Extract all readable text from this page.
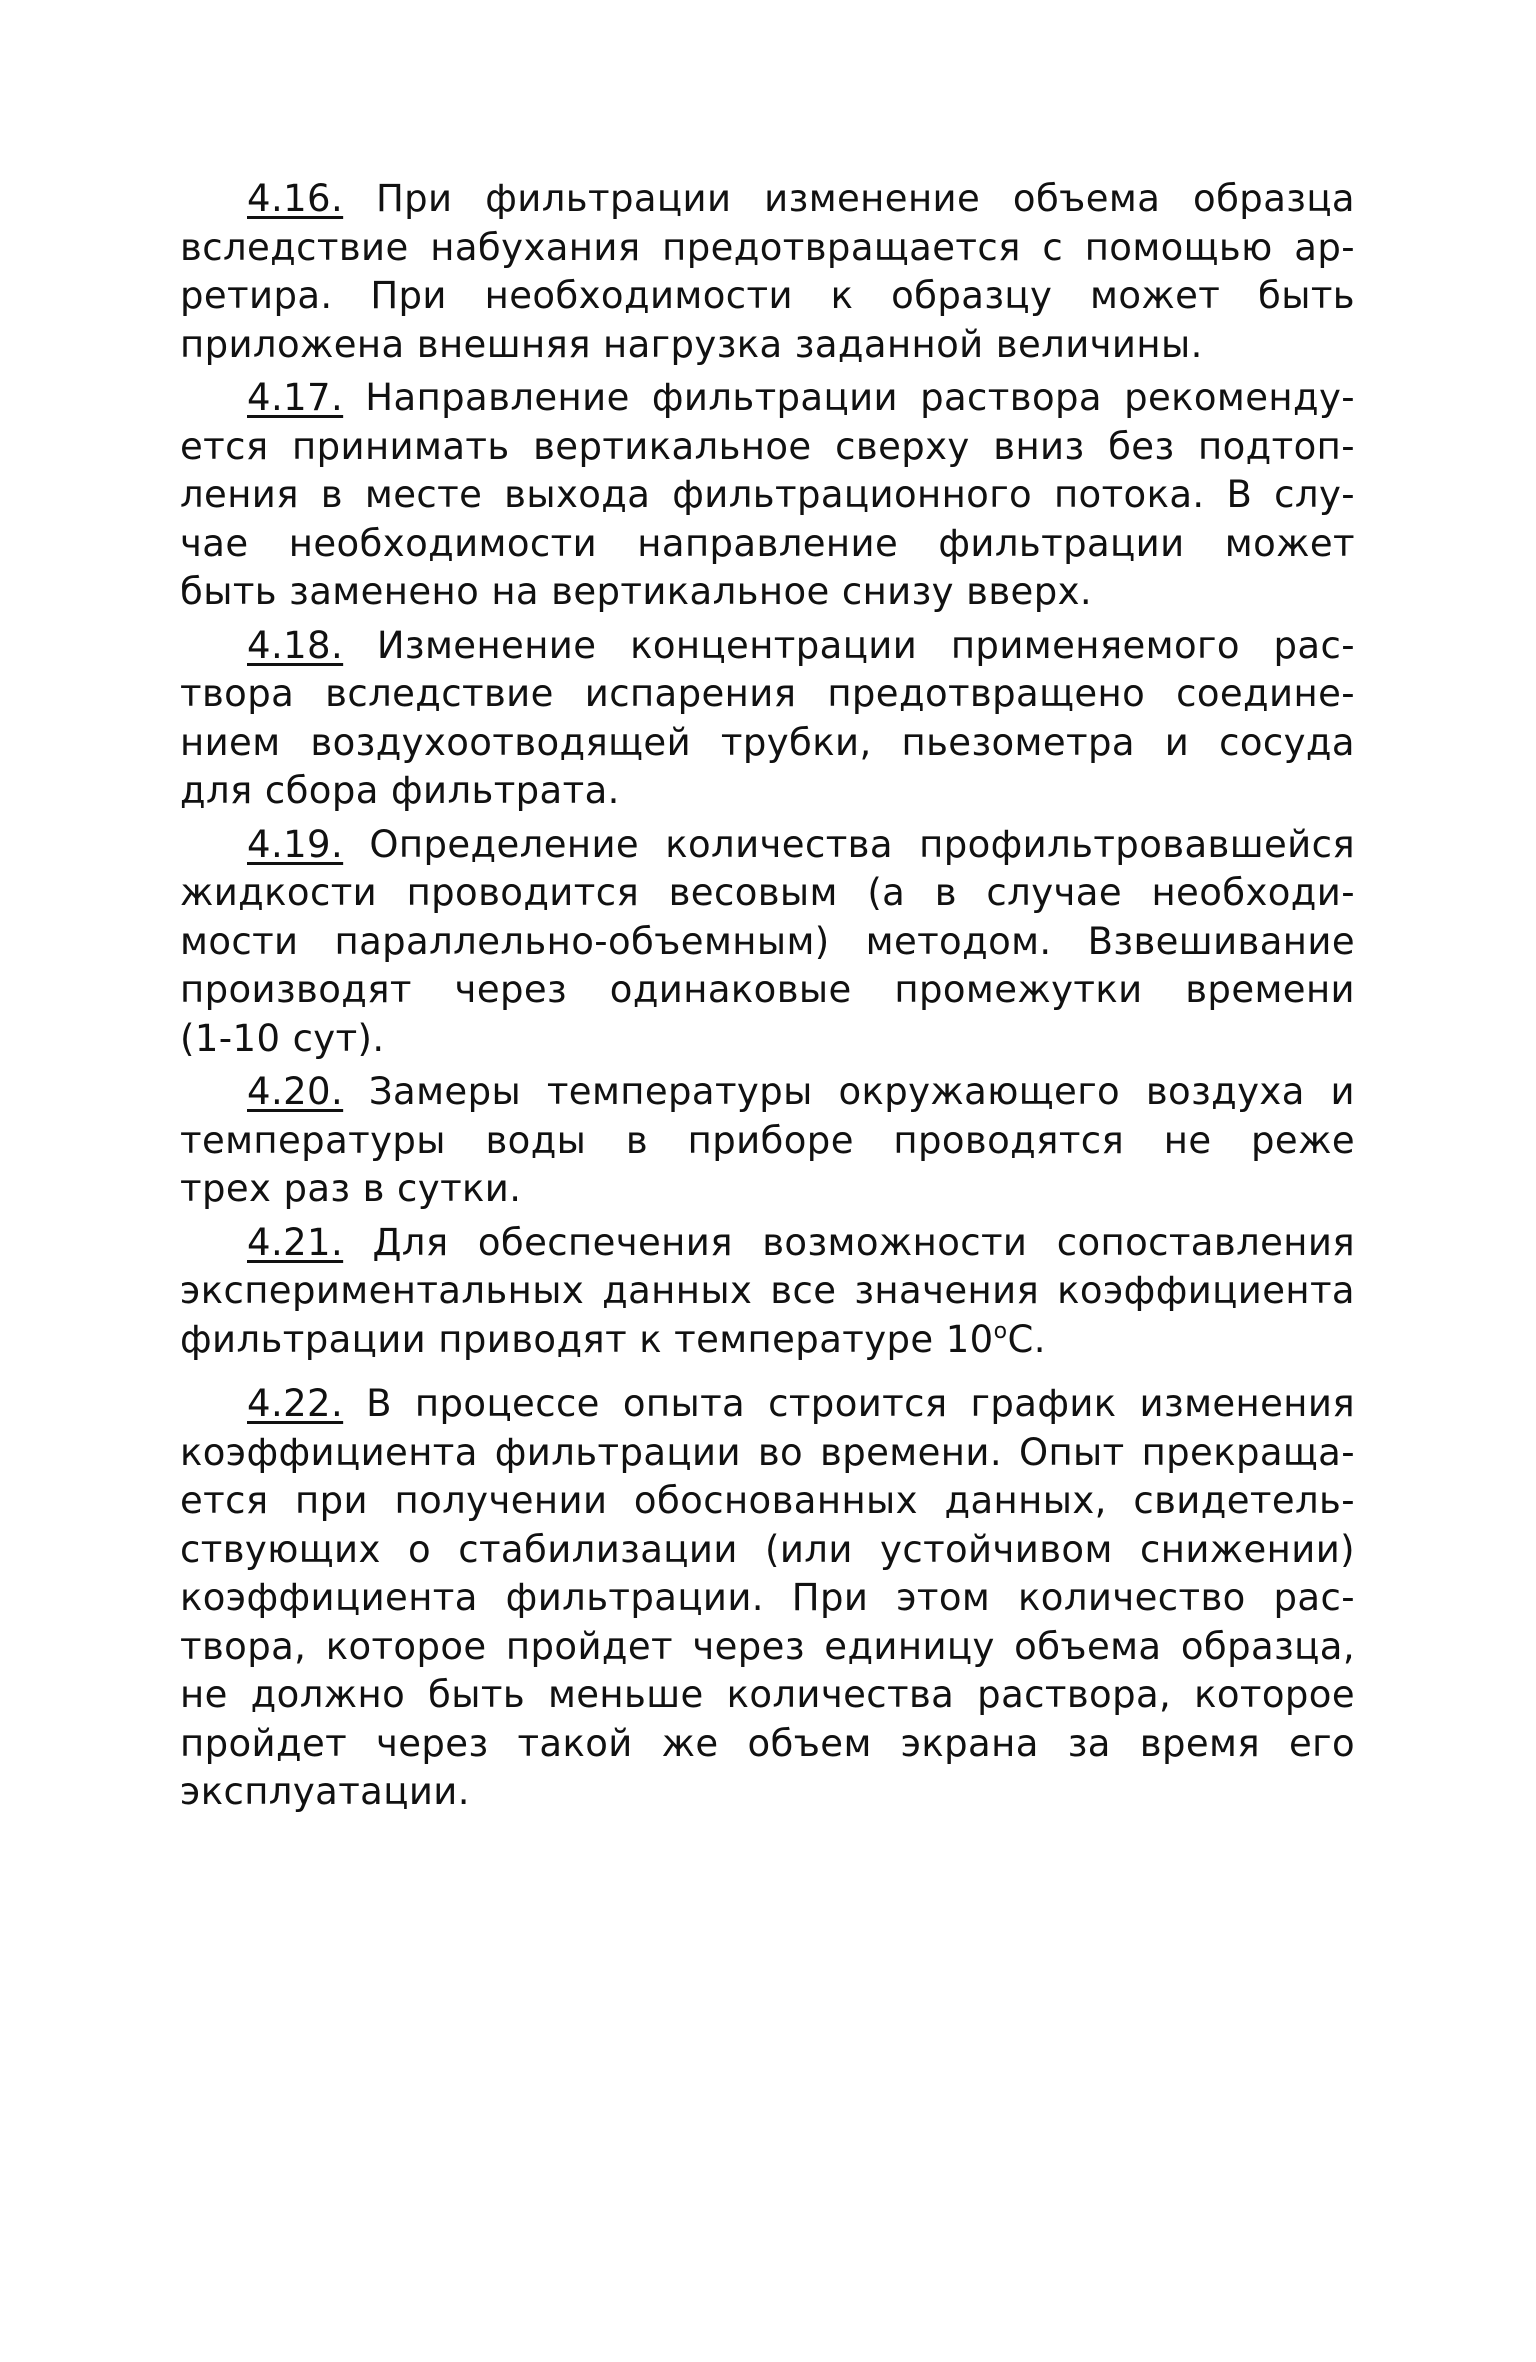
4.16. При фильтрации изменение объема образца
вследствие набухания предотвращается с помощью ар-
ретира. При необходимости к образцу может быть
приложена внешняя нагрузка заданной величины.
4.17. Направление фильтрации раствора рекоменду-
ется принимать вертикальное сверху вниз без подтоп-
ления в месте выхода фильтрационного потока. В слу-
чае необходимости направление фильтрации может
быть заменено на вертикальное снизу вверх.
4.18. Изменение концентрации применяемого рас-
твора вследствие испарения предотвращено соедине-
нием воздухоотводящей трубки, пьезометра и сосуда
для сбора фильтрата.
4.19. Определение количества профильтровавшейся
жидкости проводится весовым (а в случае необходи-
мости параллельно-объемным) методом. Взвешивание
производят через одинаковые промежутки времени
(1-10 сут).
4.20. Замеры температуры окружающего воздуха и
температуры воды в приборе проводятся не реже
трех раз в сутки.
4.21. Для обеспечения возможности сопоставления
экспериментальных данных все значения коэффициента
фильтрации приводят к температуре $10^оС$.
4.22. В процессе опыта строится график изменения
коэффициента фильтрации во времени. Опыт прекраща-
ется при получении обоснованных данных, свидетель-
ствующих о стабилизации (или устойчивом снижении)
коэффициента фильтрации. При этом количество рас-
твора, которое пройдет через единицу объема образца,
не должно быть меньше количества раствора, которое
пройдет через такой же объем экрана за время его
эксплуатации.
